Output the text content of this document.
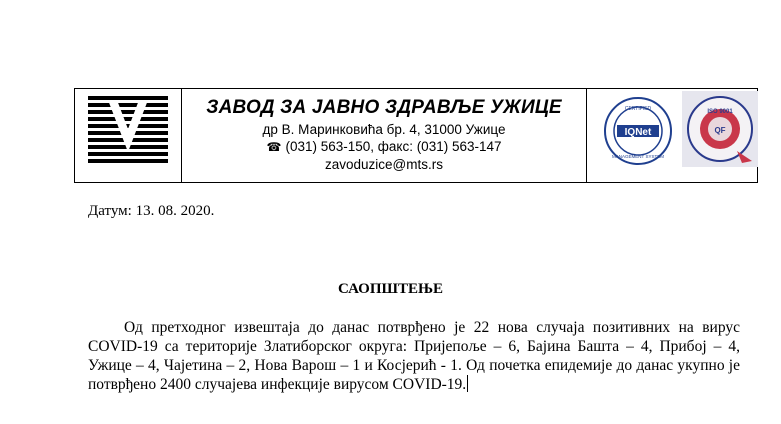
ЗАВОД ЗА ЈАВНО ЗДРАВЉЕ УЖИЦЕ
др В. Маринковића бр. 4, 31000 Ужице
☎ (031) 563-150, факс: (031) 563-147
zavoduzice@mts.rs
IQNet
CERTIFIED
MANAGEMENT SYSTEM
ISO 9001
QF
Датум: 13. 08. 2020.
САОПШТЕЊЕ
Од претходног извештаја до данас потврђено је 22 нова случаја позитивних на вирус COVID-19 са територије Златиборског округа: Пријепоље – 6, Бајина Башта – 4, Прибој – 4, Ужице – 4, Чајетина – 2, Нова Варош – 1 и Косјерић - 1. Од почетка епидемије до данас укупно је потврђено 2400 случајева инфекције вирусом COVID-19.
